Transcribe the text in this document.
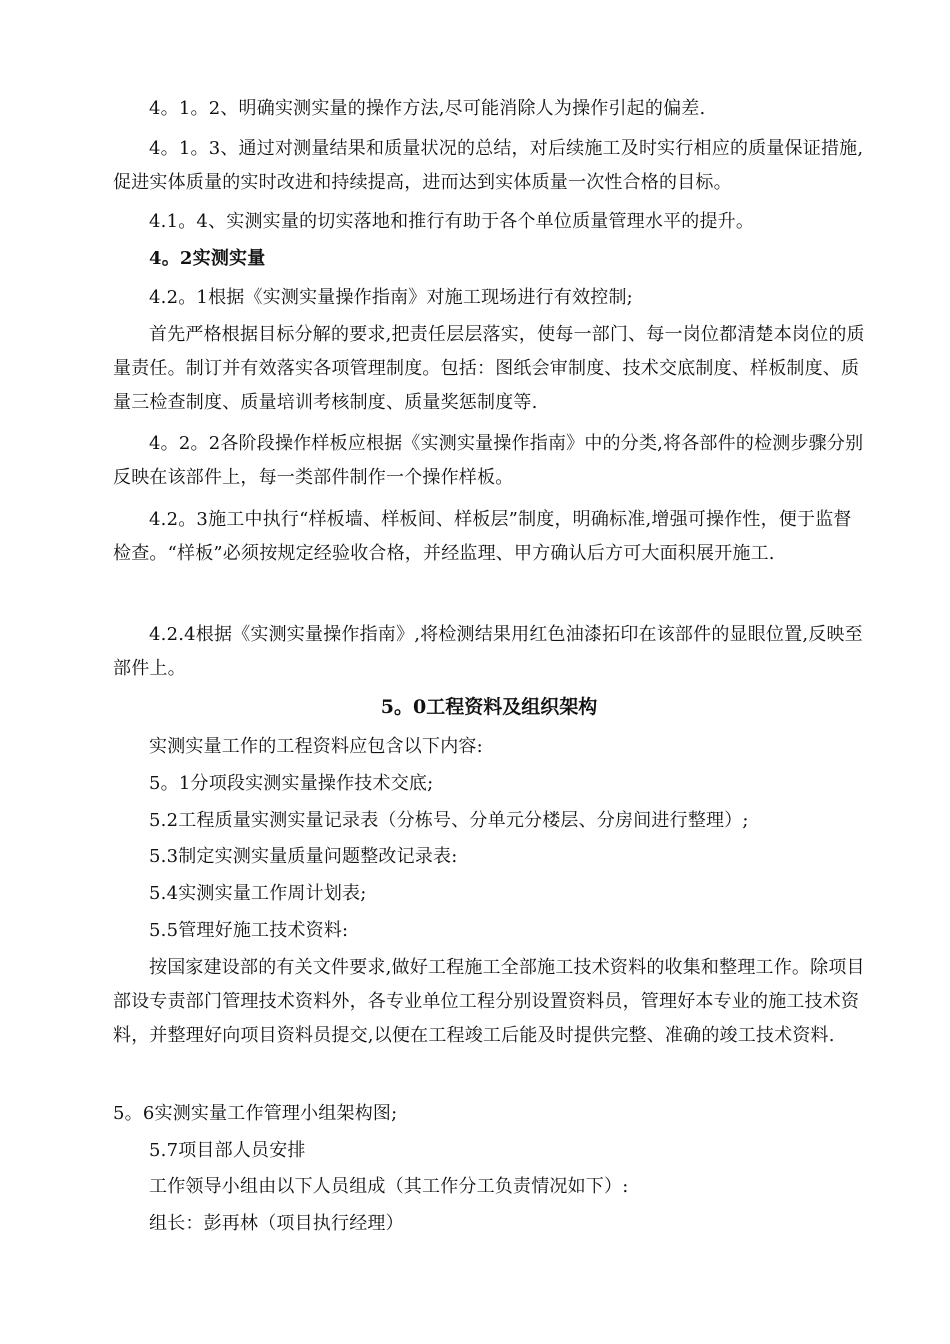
4。1。2、明确实测实量的操作方法,尽可能消除人为操作引起的偏差.
4。1。3、通过对测量结果和质量状况的总结，对后续施工及时实行相应的质量保证措施,促进实体质量的实时改进和持续提高，进而达到实体质量一次性合格的目标。
4.1。4、实测实量的切实落地和推行有助于各个单位质量管理水平的提升。
4。2实测实量
4.2。1根据《实测实量操作指南》对施工现场进行有效控制;
首先严格根据目标分解的要求,把责任层层落实，使每一部门、每一岗位都清楚本岗位的质量责任。制订并有效落实各项管理制度。包括：图纸会审制度、技术交底制度、样板制度、质量三检查制度、质量培训考核制度、质量奖惩制度等.
4。2。2各阶段操作样板应根据《实测实量操作指南》中的分类,将各部件的检测步骤分别反映在该部件上，每一类部件制作一个操作样板。
4.2。3施工中执行“样板墙、样板间、样板层”制度，明确标准,增强可操作性，便于监督检查。“样板”必须按规定经验收合格，并经监理、甲方确认后方可大面积展开施工.
4.2.4根据《实测实量操作指南》,将检测结果用红色油漆拓印在该部件的显眼位置,反映至部件上。
5。0工程资料及组织架构
实测实量工作的工程资料应包含以下内容:
5。1分项段实测实量操作技术交底;
5.2工程质量实测实量记录表（分栋号、分单元分楼层、分房间进行整理）;
5.3制定实测实量质量问题整改记录表:
5.4实测实量工作周计划表;
5.5管理好施工技术资料:
按国家建设部的有关文件要求,做好工程施工全部施工技术资料的收集和整理工作。除项目部设专责部门管理技术资料外，各专业单位工程分别设置资料员，管理好本专业的施工技术资料，并整理好向项目资料员提交,以便在工程竣工后能及时提供完整、准确的竣工技术资料.
5。6实测实量工作管理小组架构图;
5.7项目部人员安排
工作领导小组由以下人员组成（其工作分工负责情况如下）:
组长：彭再林（项目执行经理）
